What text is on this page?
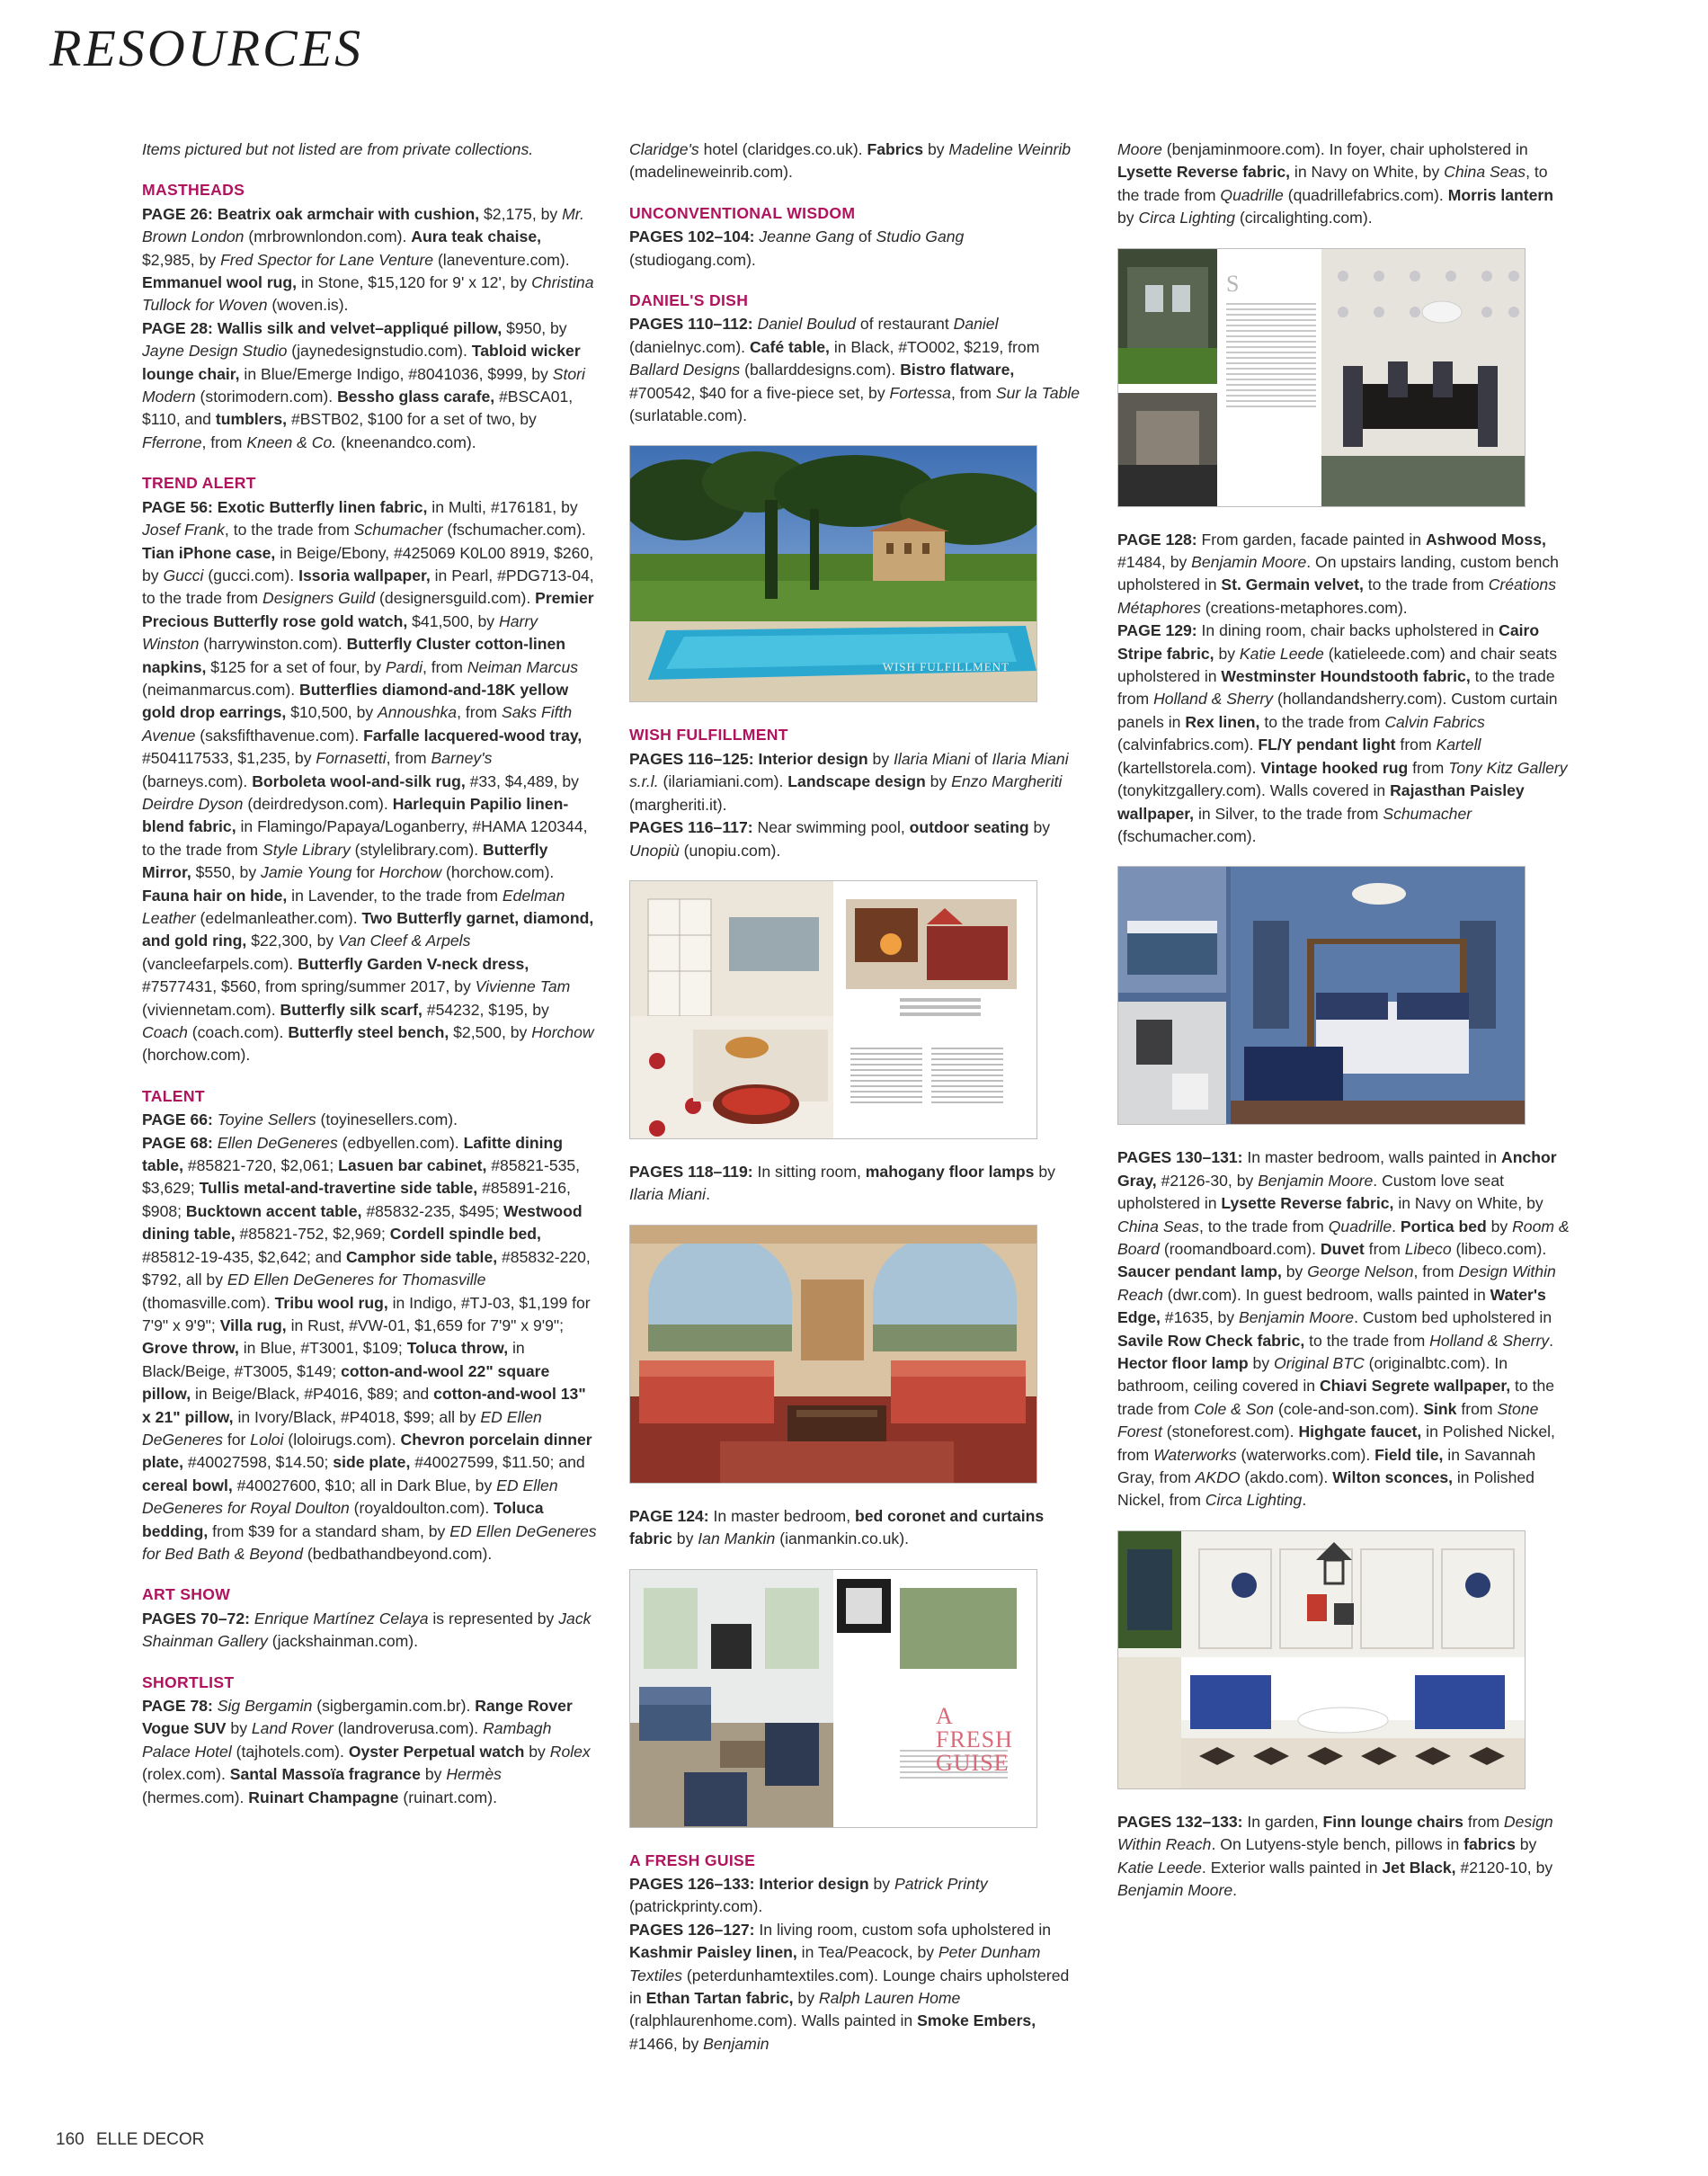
RESOURCES

Items pictured but not listed are from private collections.

MASTHEADS

PAGE 26: Beatrix oak armchair with cushion, $2,175, by Mr. Brown London (mrbrownlondon.com). Aura teak chaise, $2,985, by Fred Spector for Lane Venture (laneventure.com). Emmanuel wool rug, in Stone, $15,120 for 9' x 12', by Christina Tullock for Woven (woven.is).

PAGE 28: Wallis silk and velvet–appliqué pillow, $950, by Jayne Design Studio (jaynedesignstudio.com). Tabloid wicker lounge chair, in Blue/Emerge Indigo, #8041036, $999, by Stori Modern (storimodern.com). Bessho glass carafe, #BSCA01, $110, and tumblers, #BSTB02, $100 for a set of two, by Fferrone, from Kneen & Co. (kneenandco.com).

TREND ALERT

PAGE 56: Exotic Butterfly linen fabric, in Multi, #176181, by Josef Frank, to the trade from Schumacher (fschumacher.com). Tian iPhone case, in Beige/Ebony, #425069 K0L00 8919, $260, by Gucci (gucci.com). Issoria wallpaper, in Pearl, #PDG713-04, to the trade from Designers Guild (designersguild.com). Premier Precious Butterfly rose gold watch, $41,500, by Harry Winston (harrywinston.com). Butterfly Cluster cotton-linen napkins, $125 for a set of four, by Pardi, from Neiman Marcus (neimanmarcus.com). Butterflies diamond-and-18K yellow gold drop earrings, $10,500, by Annoushka, from Saks Fifth Avenue (saksfifthavenue.com). Farfalle lacquered-wood tray, #504117533, $1,235, by Fornasetti, from Barney's (barneys.com). Borboleta wool-and-silk rug, #33, $4,489, by Deirdre Dyson (deirdredyson.com). Harlequin Papilio linen-blend fabric, in Flamingo/Papaya/Loganberry, #HAMA 120344, to the trade from Style Library (stylelibrary.com). Butterfly Mirror, $550, by Jamie Young for Horchow (horchow.com). Fauna hair on hide, in Lavender, to the trade from Edelman Leather (edelmanleather.com). Two Butterfly garnet, diamond, and gold ring, $22,300, by Van Cleef & Arpels (vancleefarpels.com). Butterfly Garden V-neck dress, #7577431, $560, from spring/summer 2017, by Vivienne Tam (viviennetam.com). Butterfly silk scarf, #54232, $195, by Coach (coach.com). Butterfly steel bench, $2,500, by Horchow (horchow.com).

TALENT

PAGE 66: Toyine Sellers (toyinesellers.com).

PAGE 68: Ellen DeGeneres (edbyellen.com). Lafitte dining table, #85821-720, $2,061; Lasuen bar cabinet, #85821-535, $3,629; Tullis metal-and-travertine side table, #85891-216, $908; Bucktown accent table, #85832-235, $495; Westwood dining table, #85821-752, $2,969; Cordell spindle bed, #85812-19-435, $2,642; and Camphor side table, #85832-220, $792, all by ED Ellen DeGeneres for Thomasville (thomasville.com). Tribu wool rug, in Indigo, #TJ-03, $1,199 for 7'9" x 9'9"; Villa rug, in Rust, #VW-01, $1,659 for 7'9" x 9'9"; Grove throw, in Blue, #T3001, $109; Toluca throw, in Black/Beige, #T3005, $149; cotton-and-wool 22" square pillow, in Beige/Black, #P4016, $89; and cotton-and-wool 13" x 21" pillow, in Ivory/Black, #P4018, $99; all by ED Ellen DeGeneres for Loloi (loloirugs.com). Chevron porcelain dinner plate, #40027598, $14.50; side plate, #40027599, $11.50; and cereal bowl, #40027600, $10; all in Dark Blue, by ED Ellen DeGeneres for Royal Doulton (royaldoulton.com). Toluca bedding, from $39 for a standard sham, by ED Ellen DeGeneres for Bed Bath & Beyond (bedbathandbeyond.com).

ART SHOW

PAGES 70–72: Enrique Martínez Celaya is represented by Jack Shainman Gallery (jackshainman.com).

SHORTLIST

PAGE 78: Sig Bergamin (sigbergamin.com.br). Range Rover Vogue SUV by Land Rover (landroverusa.com). Rambagh Palace Hotel (tajhotels.com). Oyster Perpetual watch by Rolex (rolex.com). Santal Massoïa fragrance by Hermès (hermes.com). Ruinart Champagne (ruinart.com).

Claridge's hotel (claridges.co.uk). Fabrics by Madeline Weinrib (madelineweinrib.com).

UNCONVENTIONAL WISDOM

PAGES 102–104: Jeanne Gang of Studio Gang (studiogang.com).

DANIEL'S DISH

PAGES 110–112: Daniel Boulud of restaurant Daniel (danielnyc.com). Café table, in Black, #TO002, $219, from Ballard Designs (ballarddesigns.com). Bistro flatware, #700542, $40 for a five-piece set, by Fortessa, from Sur la Table (surlatable.com).

WISH FULFILLMENT
WISH FULFILLMENT

PAGES 116–125: Interior design by Ilaria Miani of Ilaria Miani s.r.l. (ilariamiani.com). Landscape design by Enzo Margheriti (margheriti.it).

PAGES 116–117: Near swimming pool, outdoor seating by Unopiù (unopiu.com).

PAGES 118–119: In sitting room, mahogany floor lamps by Ilaria Miani.

PAGE 124: In master bedroom, bed coronet and curtains fabric by Ian Mankin (ianmankin.co.uk).

A FRESH GUISE
A FRESH GUISE

PAGES 126–133: Interior design by Patrick Printy (patrickprinty.com).

PAGES 126–127: In living room, custom sofa upholstered in Kashmir Paisley linen, in Tea/Peacock, by Peter Dunham Textiles (peterdunhamtextiles.com). Lounge chairs upholstered in Ethan Tartan fabric, by Ralph Lauren Home (ralphlaurenhome.com). Walls painted in Smoke Embers, #1466, by Benjamin

Moore (benjaminmoore.com). In foyer, chair upholstered in Lysette Reverse fabric, in Navy on White, by China Seas, to the trade from Quadrille (quadrillefabrics.com). Morris lantern by Circa Lighting (circalighting.com).

S

PAGE 128: From garden, facade painted in Ashwood Moss, #1484, by Benjamin Moore. On upstairs landing, custom bench upholstered in St. Germain velvet, to the trade from Créations Métaphores (creations-metaphores.com).

PAGE 129: In dining room, chair backs upholstered in Cairo Stripe fabric, by Katie Leede (katieleede.com) and chair seats upholstered in Westminster Houndstooth fabric, to the trade from Holland & Sherry (hollandandsherry.com). Custom curtain panels in Rex linen, to the trade from Calvin Fabrics (calvinfabrics.com). FL/Y pendant light from Kartell (kartellstorela.com). Vintage hooked rug from Tony Kitz Gallery (tonykitzgallery.com). Walls covered in Rajasthan Paisley wallpaper, in Silver, to the trade from Schumacher (fschumacher.com).

PAGES 130–131: In master bedroom, walls painted in Anchor Gray, #2126-30, by Benjamin Moore. Custom love seat upholstered in Lysette Reverse fabric, in Navy on White, by China Seas, to the trade from Quadrille. Portica bed by Room & Board (roomandboard.com). Duvet from Libeco (libeco.com). Saucer pendant lamp, by George Nelson, from Design Within Reach (dwr.com). In guest bedroom, walls painted in Water's Edge, #1635, by Benjamin Moore. Custom bed upholstered in Savile Row Check fabric, to the trade from Holland & Sherry. Hector floor lamp by Original BTC (originalbtc.com). In bathroom, ceiling covered in Chiavi Segrete wallpaper, to the trade from Cole & Son (cole-and-son.com). Sink from Stone Forest (stoneforest.com). Highgate faucet, in Polished Nickel, from Waterworks (waterworks.com). Field tile, in Savannah Gray, from AKDO (akdo.com). Wilton sconces, in Polished Nickel, from Circa Lighting.

PAGES 132–133: In garden, Finn lounge chairs from Design Within Reach. On Lutyens-style bench, pillows in fabrics by Katie Leede. Exterior walls painted in Jet Black, #2120-10, by Benjamin Moore.

160 ELLE DECOR
